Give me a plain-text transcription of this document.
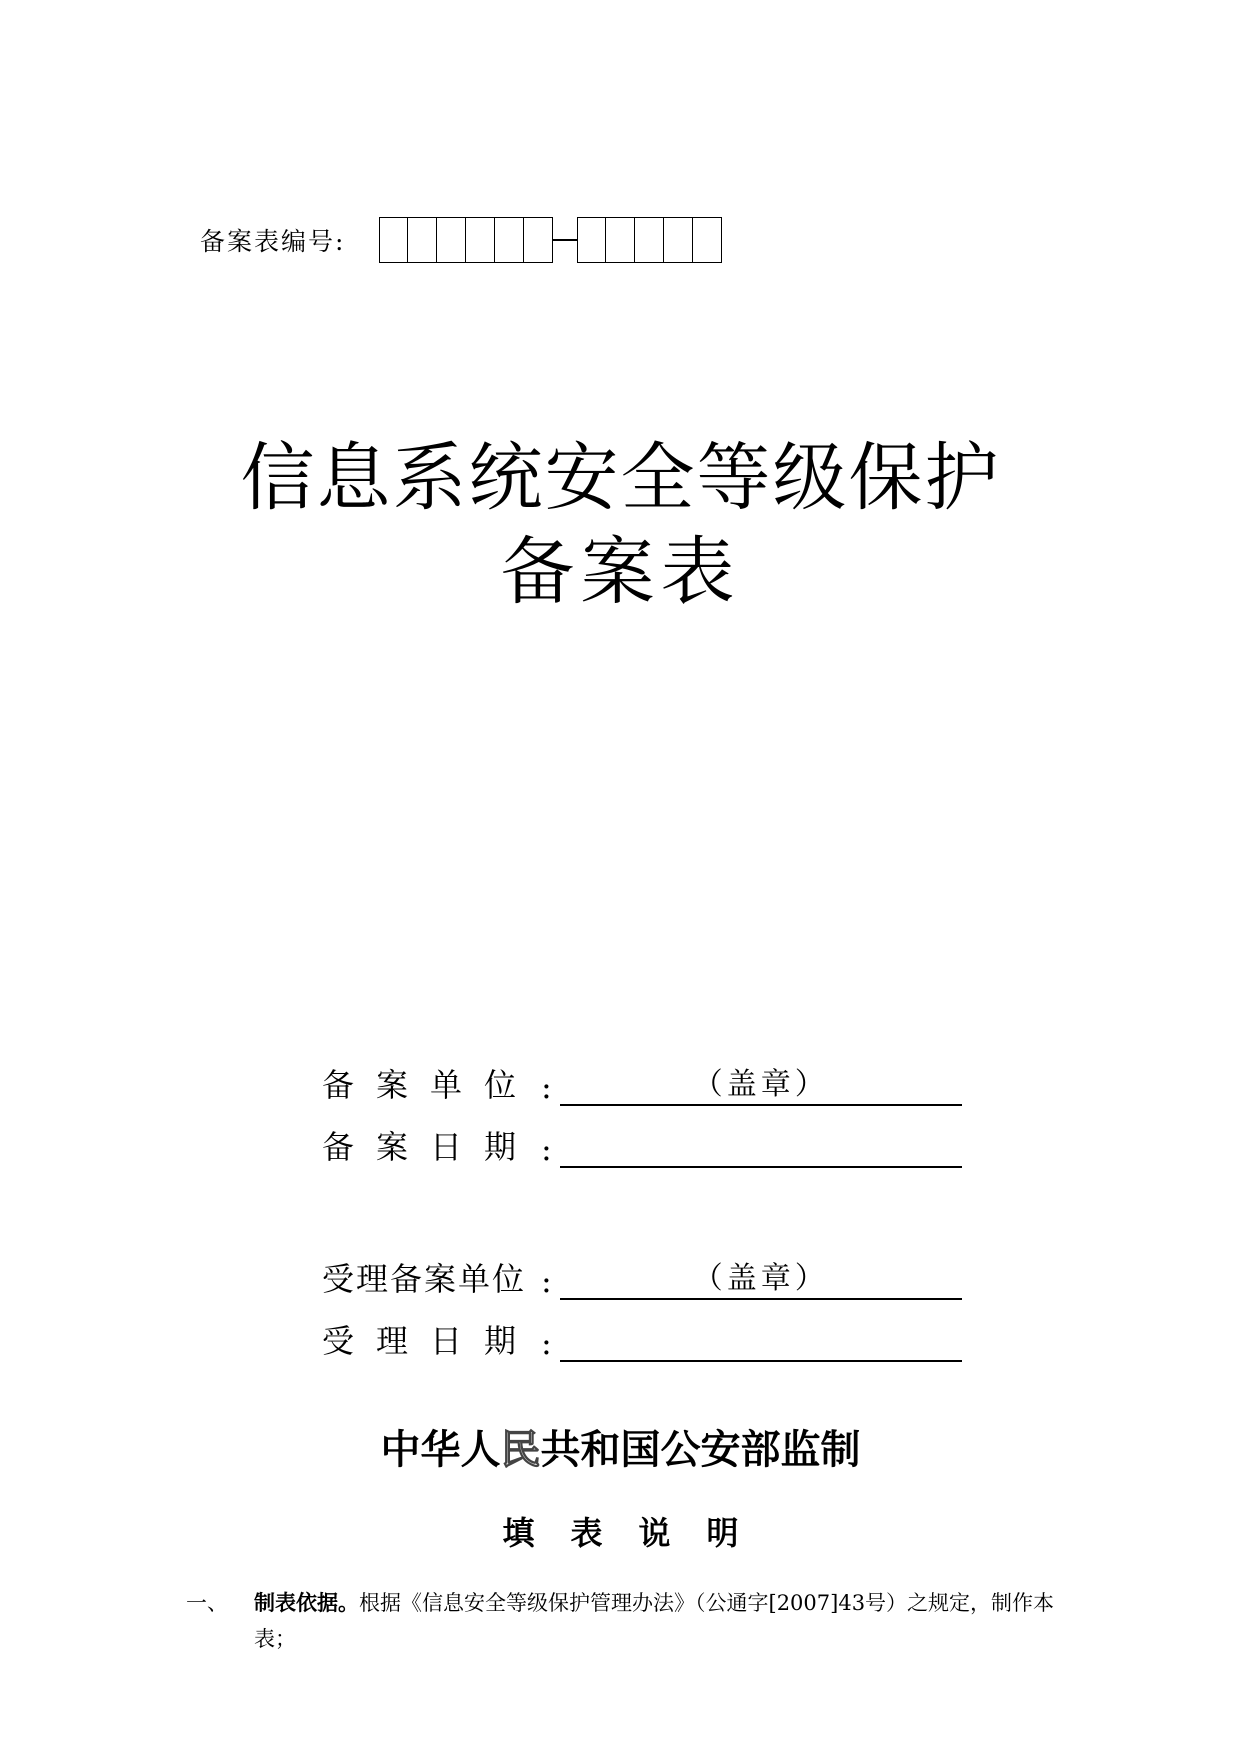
备案表编号:
信息系统安全等级保护
备案表
备案单位 :	（盖章）
备案日期 :
受理备案单位 :	（盖章）
受理日期 :
中华人民共和国公安部监制
填表说明
一、 制表依据。根据《信息安全等级保护管理办法》（公通字[2007]43号）之规定，制作本表；
